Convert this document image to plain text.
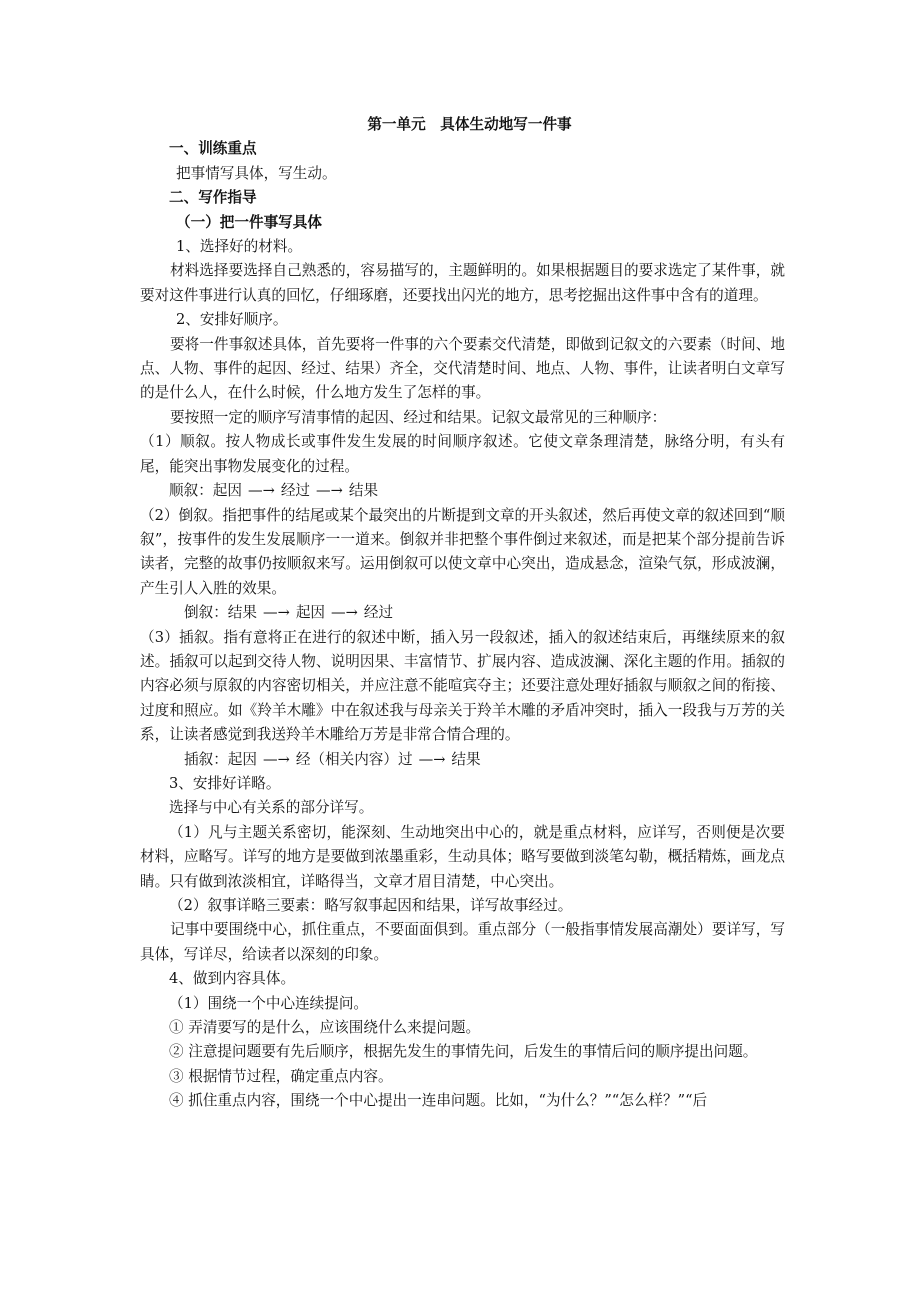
第一单元　具体生动地写一件事

一、训练重点

把事情写具体，写生动。

二、写作指导

（一）把一件事写具体

1、选择好的材料。

材料选择要选择自己熟悉的，容易描写的，主题鲜明的。如果根据题目的要求选定了某件事，就要对这件事进行认真的回忆，仔细琢磨，还要找出闪光的地方，思考挖掘出这件事中含有的道理。

2、安排好顺序。

要将一件事叙述具体，首先要将一件事的六个要素交代清楚，即做到记叙文的六要素（时间、地点、人物、事件的起因、经过、结果）齐全，交代清楚时间、地点、人物、事件，让读者明白文章写的是什么人，在什么时候，什么地方发生了怎样的事。

要按照一定的顺序写清事情的起因、经过和结果。记叙文最常见的三种顺序：

（1）顺叙。按人物成长或事件发生发展的时间顺序叙述。它使文章条理清楚，脉络分明，有头有尾，能突出事物发展变化的过程。

顺叙：起因 —→ 经过 —→ 结果

（2）倒叙。指把事件的结尾或某个最突出的片断提到文章的开头叙述，然后再使文章的叙述回到“顺叙”，按事件的发生发展顺序一一道来。倒叙并非把整个事件倒过来叙述，而是把某个部分提前告诉读者，完整的故事仍按顺叙来写。运用倒叙可以使文章中心突出，造成悬念，渲染气氛，形成波澜，产生引人入胜的效果。

倒叙：结果 —→ 起因 —→ 经过

（3）插叙。指有意将正在进行的叙述中断，插入另一段叙述，插入的叙述结束后，再继续原来的叙述。插叙可以起到交待人物、说明因果、丰富情节、扩展内容、造成波澜、深化主题的作用。插叙的内容必须与原叙的内容密切相关，并应注意不能喧宾夺主；还要注意处理好插叙与顺叙之间的衔接、过度和照应。如《羚羊木雕》中在叙述我与母亲关于羚羊木雕的矛盾冲突时，插入一段我与万芳的关系，让读者感觉到我送羚羊木雕给万芳是非常合情合理的。

插叙：起因 —→ 经（相关内容）过 —→ 结果

3、安排好详略。

选择与中心有关系的部分详写。

（1）凡与主题关系密切，能深刻、生动地突出中心的，就是重点材料，应详写，否则便是次要材料，应略写。详写的地方是要做到浓墨重彩，生动具体；略写要做到淡笔勾勒，概括精炼，画龙点睛。只有做到浓淡相宜，详略得当，文章才眉目清楚，中心突出。

（2）叙事详略三要素：略写叙事起因和结果，详写故事经过。

记事中要围绕中心，抓住重点，不要面面俱到。重点部分（一般指事情发展高潮处）要详写，写具体，写详尽，给读者以深刻的印象。

4、做到内容具体。

（1）围绕一个中心连续提问。

① 弄清要写的是什么，应该围绕什么来提问题。

② 注意提问题要有先后顺序，根据先发生的事情先问，后发生的事情后问的顺序提出问题。

③ 根据情节过程，确定重点内容。

④ 抓住重点内容，围绕一个中心提出一连串问题。比如，“为什么？”“怎么样？”“后
